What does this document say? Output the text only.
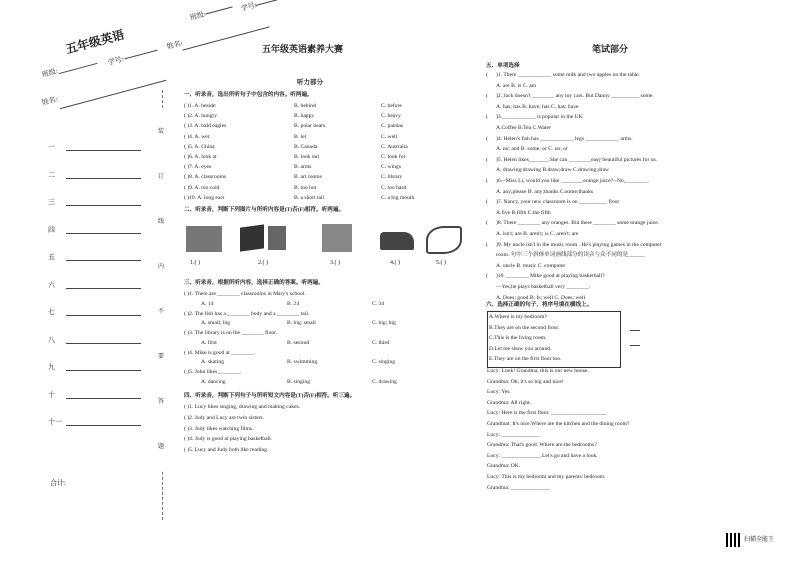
五年级英语
班级:
学号:
姓名:
班级:
学号:
姓名:
装 订 线 内 不 要 答 题
一
二
三
四
五
六
七
八
九
十
十一
合计:
五年级英语素养大赛
听力部分
一、听录音，选出所听句子中包含的内容。听两遍。
二、听录音，判断下列图片与所听内容是(T)否(F)相符。听两遍。
1.( )	2.( )	3.( )	4.( )	5.( )
三、听录音，根据所听内容，选择正确的答案。听两遍。
四、听录音，判断下列句子与所听短文内容是(T)否(F)相符。听三遍。
笔试部分
五、单项选择
六、选择正确的句子，将序号填在横线上。
A.Where is my bedroom?
B.They are on the second floor.
C.This is the living room.
D.Let me show you around.
E.They are on the first floor too.
扫描全能王
( )1. A. beside	B. behind	C. before
( )2. A. hungry	B. happy	C. heavy
( )3. A. bald eagles	B. polar bears	C. pandas
( )4. A. wet	B. let	C. well
( )5. A. China	B. Canada	C. Australia
( )6. A. look at	B. look out	C. look for
( )7. A. eyes	B. arms	C. wings
( )8. A. classrooms	B. art rooms	C. library
( )9. A. too cold	B. too hot	C. too hard
( )10. A. long ears	B. a short tail	C. a big mouth
( )1. There are ________ classrooms in Mary's school.
A. 14	B. 24	C. 34
( )2. The fish has a ________ body and a ________ tail.
A. small; big	B. big; small	C. big; big
( )3. The library is on the ________ floor.
A. first	B. second	C. third
( )4. Mike is good at ________.
A. skating	B. swimming	C. singing
( )5. John likes________.
A. dancing	B. singing	C. drawing
( )1. Lucy likes singing, drawing and making cakes.
( )2. Judy and Lucy are twin sisters.
( )3. Judy likes watching films.
( )4. Judy is good at playing basketball.
( )5. Lucy and Judy both like reading.
( )1. There ____________ some milk and two apples on the table.
A. are B. is C. am
( )2. Jack doesn't ________ any toy cars. But Danny __________ some.
A. has; has B. have; has C. has; have
( )3.____________ is popular in the UK
A.Coffee B.Tea C.Water
( )4. Helen's fish has ____________ legs ____________ arms.
A. no; and B. some; or C. no; or
( )5. Helen likes_______.She can ________easy beautiful pictures for us.
A. drawing;drawing B.draw;draw C.drawing;draw
( )6.--Miss Li, would you like ________orange juice?--No,________.
A. any;please B. any;thanks C.some;thanks
( )7. Nancy, your new classroom is on __________ floor
A.five B.fifth C.the fifth
( )8. There ________ any oranges. But there ________ some orange juice.
A. isn't; are B. aren't; is C. aren't; are
( )9. My uncle isn't in the music room . He's playing games in the computer
room. 句中三个斜体单词画线部分的读音与众不同的是______
A. uncle B. music C. computer
( )10. ________ Mike good at playing basketball?
—Yes,he plays basketball very ________.
A. Does; good B. Is; well C. Does; well
Lucy: Look! Grandma, this is our new house.
Grandma: Oh, it's so big and nice!
Lucy: Yes.
Grandma: All right.
Lucy: Here is the first floor. ____________________
Grandmat: It's nice.Where are the kitchen and the dining room?
Lucy: ______________
Grandma: That's good. Where are the bedrooms?
Lucy: ______________.Let's go and have a look.
Grandma: OK.
Lucy: This is my bedroom and my parents' bedroom.
Grandma: ______________
